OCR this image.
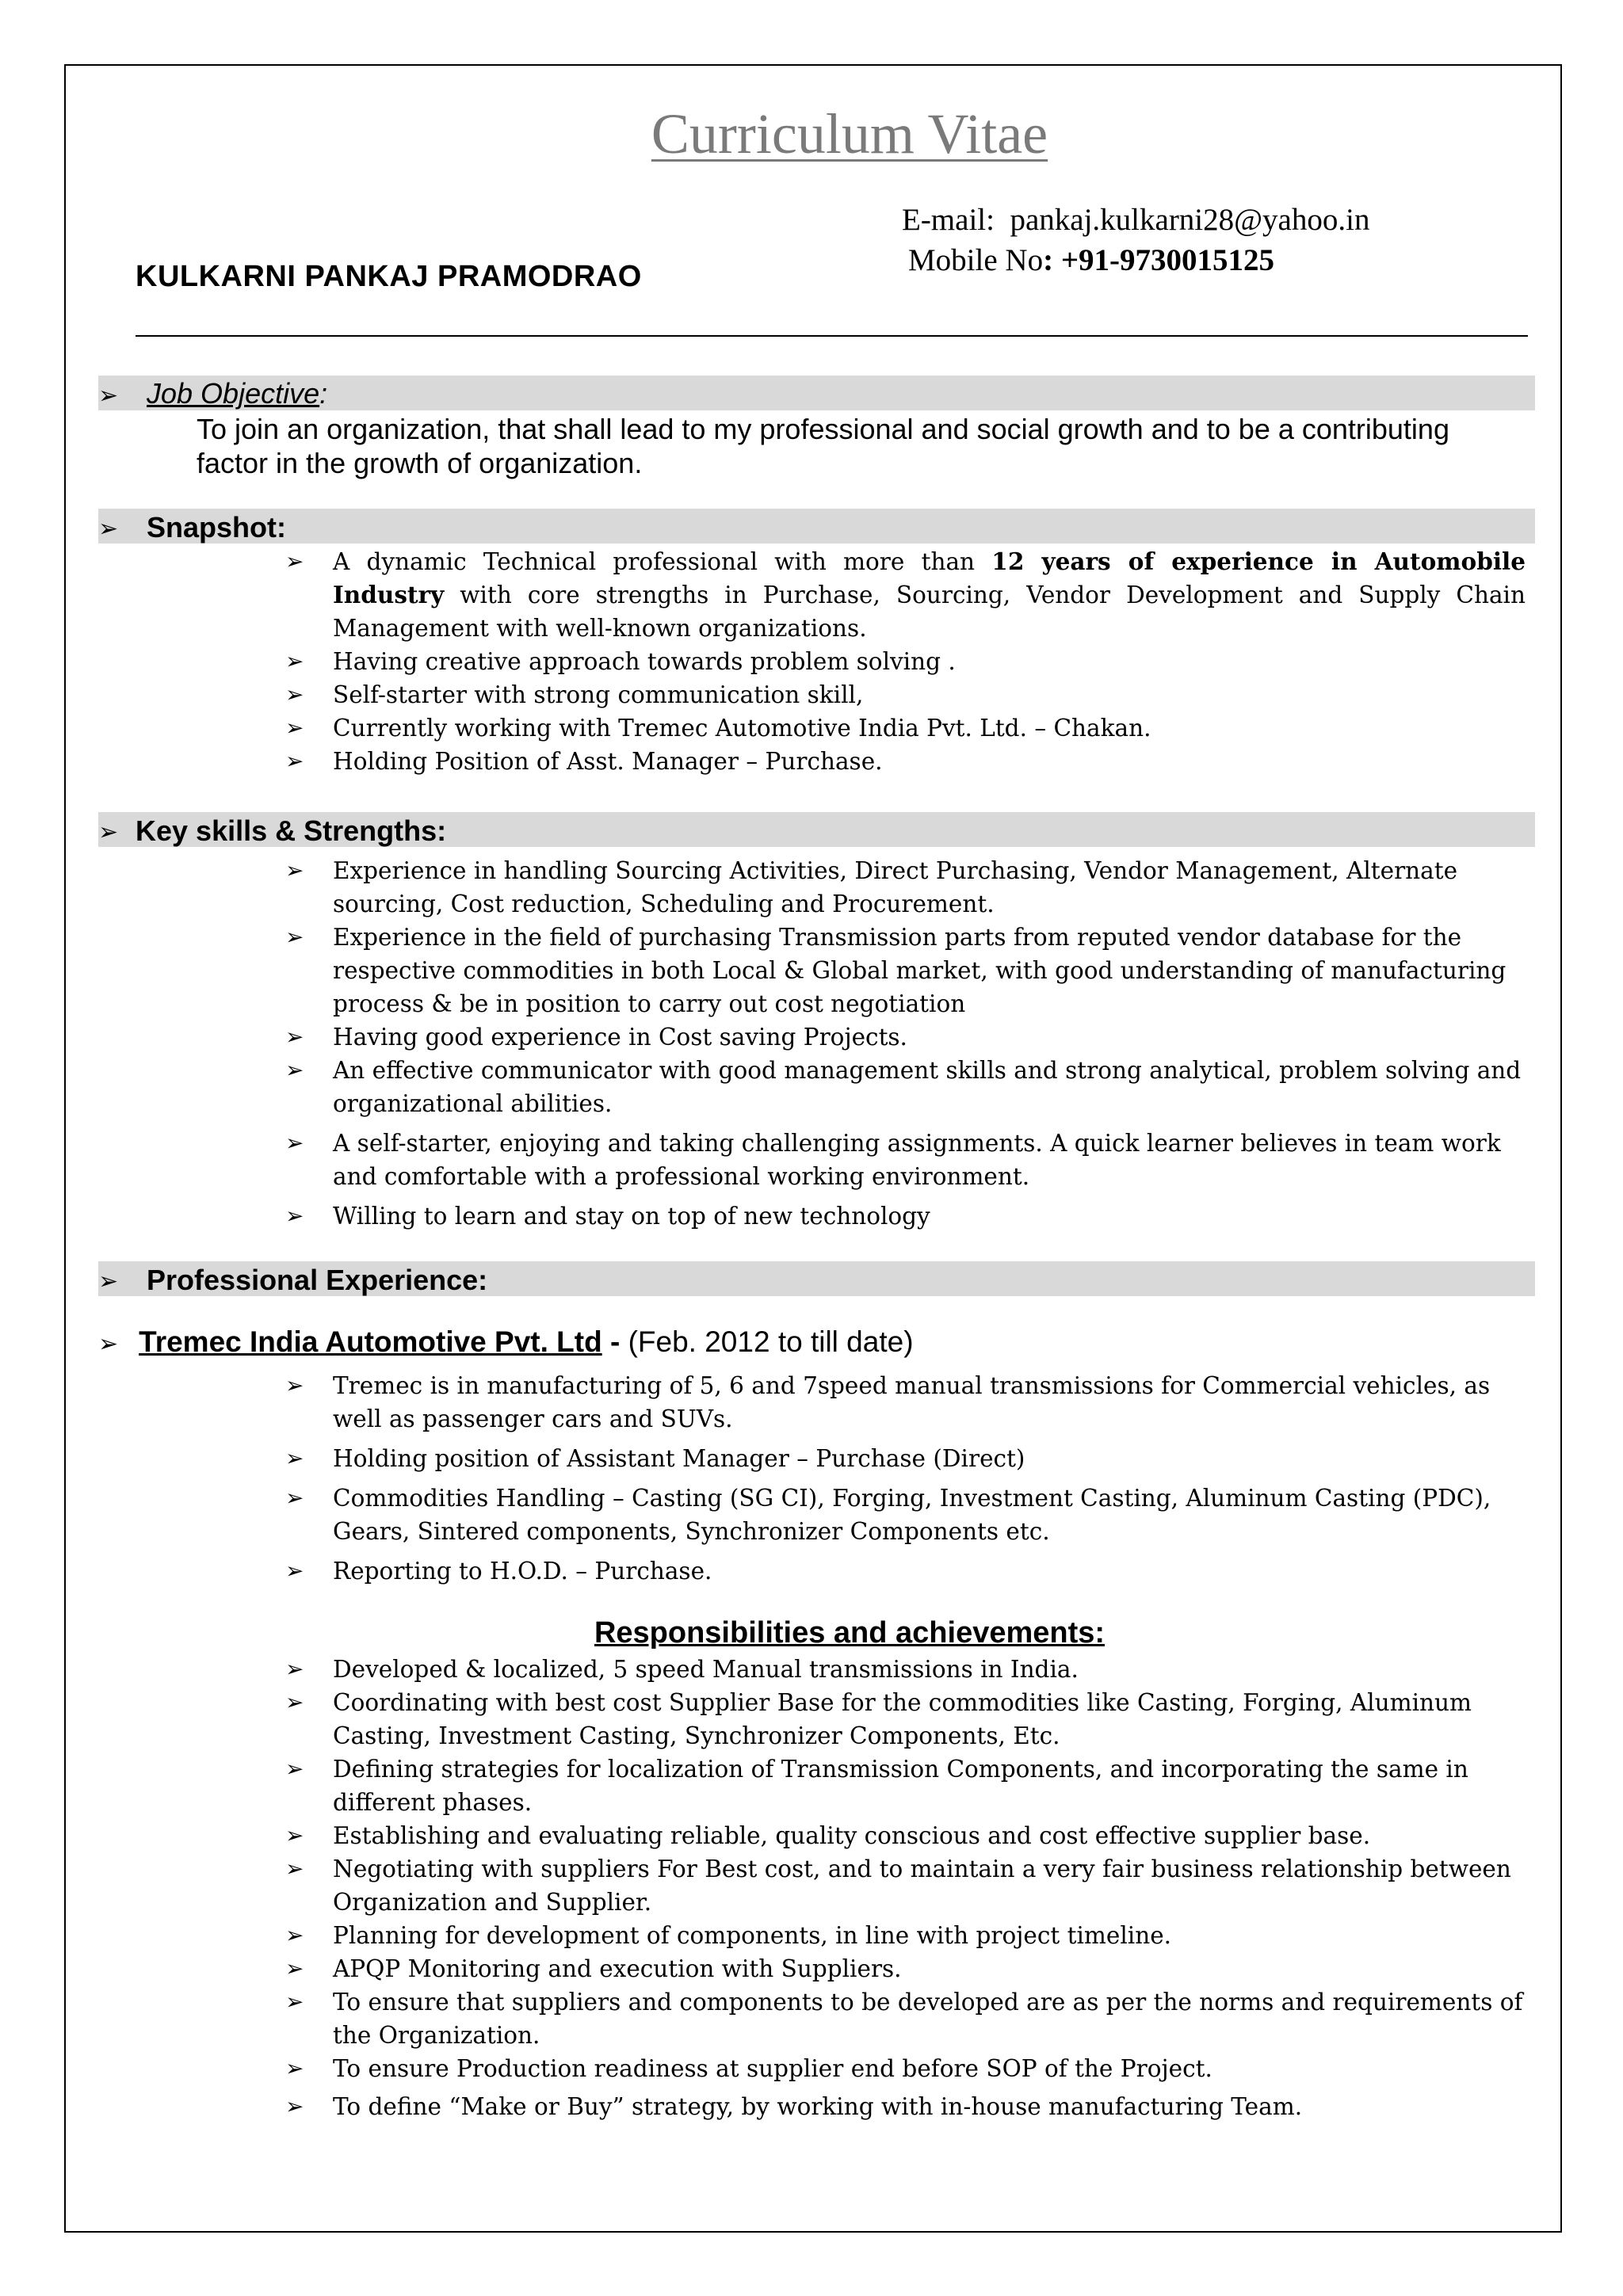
Curriculum Vitae
E-mail: pankaj.kulkarni28@yahoo.in
Mobile No: +91-9730015125
KULKARNI PANKAJ PRAMODRAO
➢ Job Objective:
To join an organization, that shall lead to my professional and social growth and to be a contributing factor in the growth of organization.
➢ Snapshot:
➢ A dynamic Technical professional with more than 12 years of experience in Automobile Industry with core strengths in Purchase, Sourcing, Vendor Development and Supply Chain Management with well-known organizations.
➢ Having creative approach towards problem solving .
➢ Self-starter with strong communication skill,
➢ Currently working with Tremec Automotive India Pvt. Ltd. – Chakan.
➢ Holding Position of Asst. Manager – Purchase.
➢ Key skills & Strengths:
➢ Experience in handling Sourcing Activities, Direct Purchasing, Vendor Management, Alternate sourcing, Cost reduction, Scheduling and Procurement.
➢ Experience in the field of purchasing Transmission parts from reputed vendor database for the respective commodities in both Local & Global market, with good understanding of manufacturing process & be in position to carry out cost negotiation
➢ Having good experience in Cost saving Projects.
➢ An effective communicator with good management skills and strong analytical, problem solving and organizational abilities.
➢ A self-starter, enjoying and taking challenging assignments. A quick learner believes in team work and comfortable with a professional working environment.
➢ Willing to learn and stay on top of new technology
➢ Professional Experience:
➢ Tremec India Automotive Pvt. Ltd - (Feb. 2012 to till date)
➢ Tremec is in manufacturing of 5, 6 and 7speed manual transmissions for Commercial vehicles, as well as passenger cars and SUVs.
➢ Holding position of Assistant Manager – Purchase (Direct)
➢ Commodities Handling – Casting (SG CI), Forging, Investment Casting, Aluminum Casting (PDC), Gears, Sintered components, Synchronizer Components etc.
➢ Reporting to H.O.D. – Purchase.
Responsibilities and achievements:
➢ Developed & localized, 5 speed Manual transmissions in India.
➢ Coordinating with best cost Supplier Base for the commodities like Casting, Forging, Aluminum Casting, Investment Casting, Synchronizer Components, Etc.
➢ Defining strategies for localization of Transmission Components, and incorporating the same in different phases.
➢ Establishing and evaluating reliable, quality conscious and cost effective supplier base.
➢ Negotiating with suppliers For Best cost, and to maintain a very fair business relationship between Organization and Supplier.
➢ Planning for development of components, in line with project timeline.
➢ APQP Monitoring and execution with Suppliers.
➢ To ensure that suppliers and components to be developed are as per the norms and requirements of the Organization.
➢ To ensure Production readiness at supplier end before SOP of the Project.
➢ To define “Make or Buy” strategy, by working with in-house manufacturing Team.
